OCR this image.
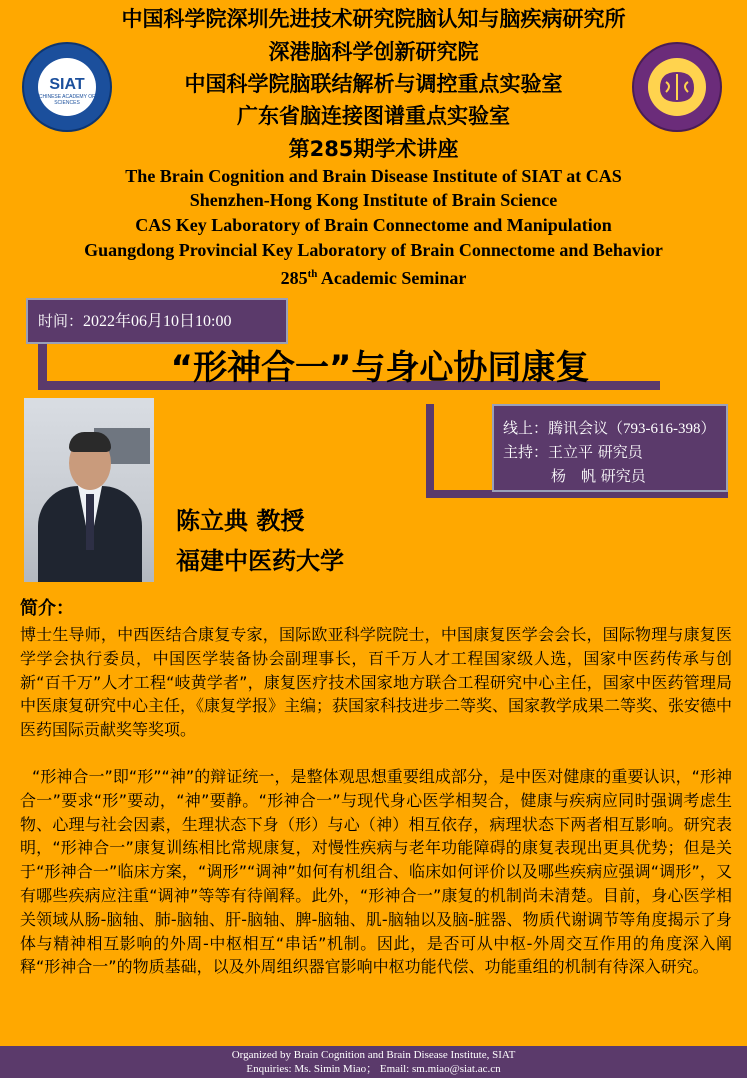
中国科学院深圳先进技术研究院脑认知与脑疾病研究所
深港脑科学创新研究院
中国科学院脑联结解析与调控重点实验室
广东省脑连接图谱重点实验室
第285期学术讲座
SIAT
CHINESE ACADEMY OF SCIENCES
The Brain Cognition and Brain Disease Institute of SIAT at CAS
Shenzhen-Hong Kong Institute of Brain Science
CAS Key Laboratory of Brain Connectome and Manipulation
Guangdong Provincial Key Laboratory of Brain Connectome and Behavior
285th Academic Seminar
时间：2022年06月10日10:00
“形神合一”与身心协同康复
线上：腾讯会议（793-616-398）
主持：王立平 研究员
杨　帆 研究员
陈立典 教授
福建中医药大学
简介：

博士生导师，中西医结合康复专家，国际欧亚科学院院士，中国康复医学会会长，国际物理与康复医学学会执行委员，中国医学装备协会副理事长，百千万人才工程国家级人选，国家中医药传承与创新“百千万”人才工程“岐黄学者”，康复医疗技术国家地方联合工程研究中心主任，国家中医药管理局中医康复研究中心主任，《康复学报》主编；获国家科技进步二等奖、国家教学成果二等奖、张安德中医药国际贡献奖等奖项。

“形神合一”即“形”“神”的辩证统一，是整体观思想重要组成部分，是中医对健康的重要认识，“形神合一”要求“形”要动，“神”要静。“形神合一”与现代身心医学相契合，健康与疾病应同时强调考虑生物、心理与社会因素，生理状态下身（形）与心（神）相互依存，病理状态下两者相互影响。研究表明，“形神合一”康复训练相比常规康复，对慢性疾病与老年功能障碍的康复表现出更具优势；但是关于“形神合一”临床方案，“调形”“调神”如何有机组合、临床如何评价以及哪些疾病应强调“调形”，又有哪些疾病应注重“调神”等等有待阐释。此外，“形神合一”康复的机制尚未清楚。目前，身心医学相关领域从肠-脑轴、肺-脑轴、肝-脑轴、脾-脑轴、肌-脑轴以及脑-脏器、物质代谢调节等角度揭示了身体与精神相互影响的外周-中枢相互“串话”机制。因此，是否可从中枢-外周交互作用的角度深入阐释“形神合一”的物质基础，以及外周组织器官影响中枢功能代偿、功能重组的机制有待深入研究。

Organized by Brain Cognition and Brain Disease Institute, SIAT
Enquiries: Ms. Simin Miao； Email: sm.miao@siat.ac.cn
